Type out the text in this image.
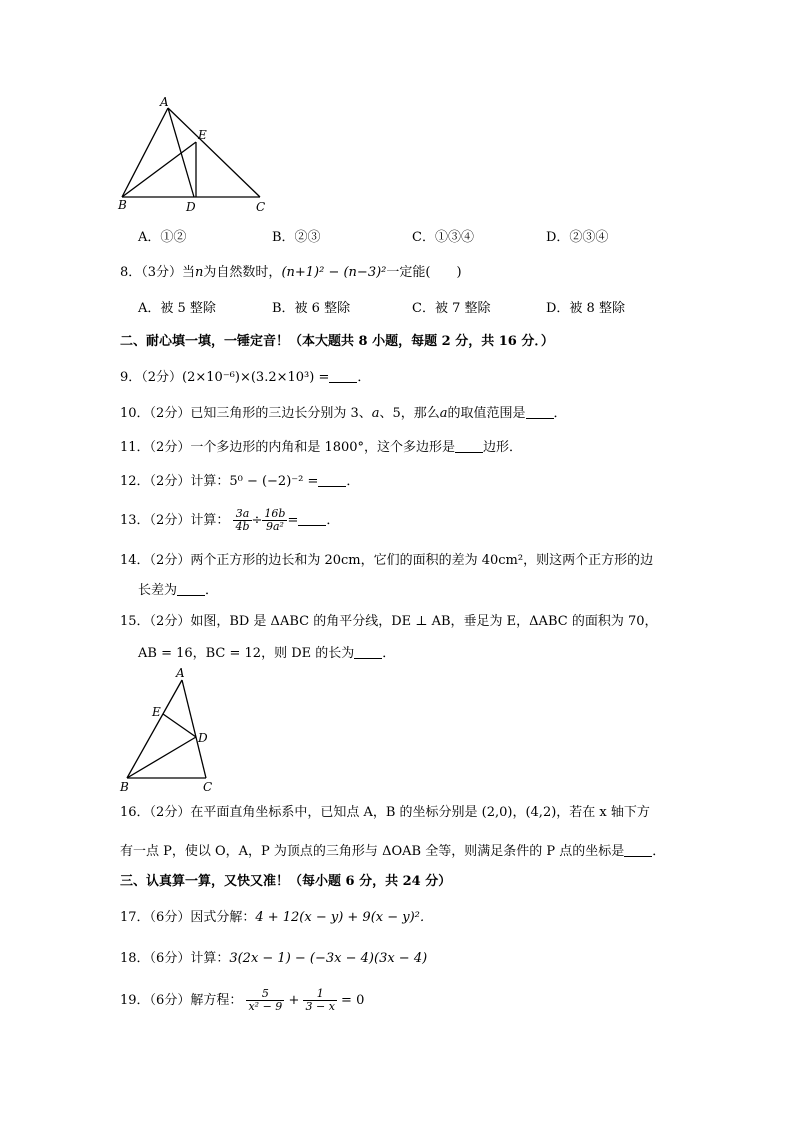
A
E
B	D	C
A．①②	B．②③	C．①③④	D．②③④
8．（3分）当n为自然数时，(n+1)² − (n−3)²一定能(　　)
A．被 5 整除	B．被 6 整除	C．被 7 整除	D．被 8 整除
二、耐心填一填，一锤定音！（本大题共 8 小题，每题 2 分，共 16 分．）
9．（2分）(2×10⁻⁶)×(3.2×10³) = ．
10．（2分）已知三角形的三边长分别为 3、a、5，那么a的取值范围是 ．
11．（2分）一个多边形的内角和是 1800°，这个多边形是 边形．
12．（2分）计算：5⁰ − (−2)⁻² = ．
13．（2分）计算： $\frac{3a}{4b} \div \frac{16b}{\text{9a²}}$ = ．
14．（2分）两个正方形的边长和为 20cm，它们的面积的差为 40cm²，则这两个正方形的边
长差为 ．
15．（2分）如图，BD 是 ΔABC 的角平分线，DE ⊥ AB，垂足为 E，ΔABC 的面积为 70，
AB = 16，BC = 12，则 DE 的长为 ．
A
E
D
B	C
16．（2分）在平面直角坐标系中，已知点 A，B 的坐标分别是 (2,0)，(4,2)，若在 x 轴下方
有一点 P，使以 O，A，P 为顶点的三角形与 ΔOAB 全等，则满足条件的 P 点的坐标是 ．
三、认真算一算，又快又准！（每小题 6 分，共 24 分）
17．（6分）因式分解：4 + 12(x − y) + 9(x − y)²．
18．（6分）计算：3(2x − 1) − (−3x − 4)(3x − 4)
19．（6分）解方程： $\frac{5}{\text{x² − 9}} + \frac{1}{3 - x} = 0$
